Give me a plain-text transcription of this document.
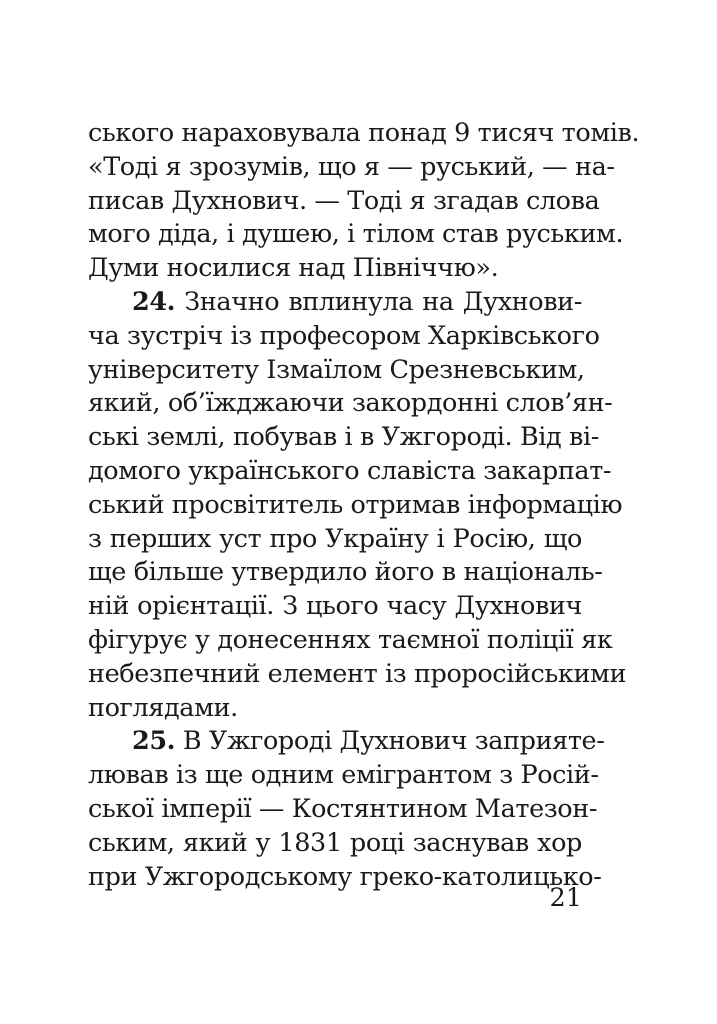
ського нараховувала понад 9 тисяч томів.
«Тоді я зрозумів, що я — руський, — на-
писав Духнович. — Тоді я згадав слова
мого діда, і душею, і тілом став руським.
Думи носилися над Північчю».
24. Значно вплинула на Духнови-
ча зустріч із професором Харківського
університету Ізмаїлом Срезневським,
який, об’їжджаючи закордонні слов’ян-
ські землі, побував і в Ужгороді. Від ві-
домого українського славіста закарпат-
ський просвітитель отримав інформацію
з перших уст про Україну і Росію, що
ще більше утвердило його в національ-
ній орієнтації. З цього часу Духнович
фігурує у донесеннях таємної поліції як
небезпечний елемент із проросійськими
поглядами.
25. В Ужгороді Духнович заприяте-
лював із ще одним емігрантом з Росій-
ської імперії — Костянтином Матезон-
ським, який у 1831 році заснував хор
при Ужгородському греко-католицько-
21
